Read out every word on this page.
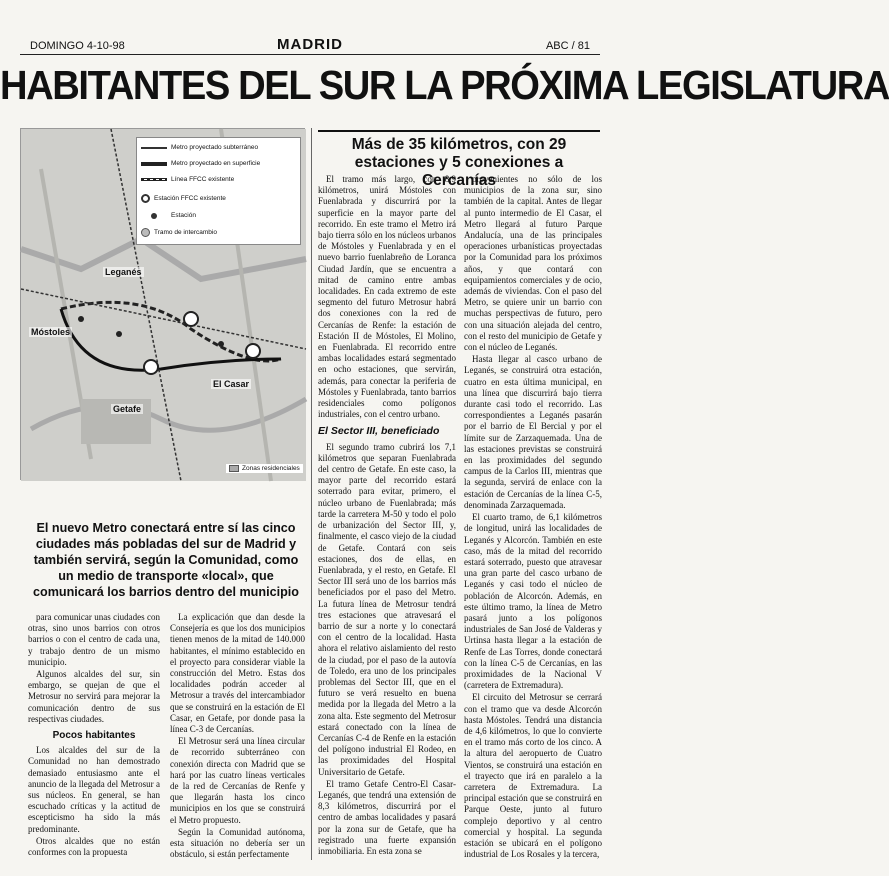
DOMINGO 4-10-98	MADRID	ABC / 81
HABITANTES DEL SUR LA PRÓXIMA LEGISLATURA
Metro proyectado subterráneo
Metro proyectado en superficie
Línea FFCC existente
Estación FFCC existente
Estación
Tramo de intercambio
Leganés
Getafe
Móstoles
El Casar
Zonas residenciales
El nuevo Metro conectará entre sí las cinco ciudades más pobladas del sur de Madrid y también servirá, según la Comunidad, como un medio de transporte «local», que comunicará los barrios dentro del municipio

para comunicar unas ciudades con otras, sino unos barrios con otros barrios o con el centro de cada una, y trabajo dentro de un mismo municipio.

Algunos alcaldes del sur, sin embargo, se quejan de que el Metrosur no servirá para mejorar la comunicación dentro de sus respectivas ciudades.

Pocos habitantes

Los alcaldes del sur de la Comunidad no han demostrado demasiado entusiasmo ante el anuncio de la llegada del Metrosur a sus núcleos. En general, se han escuchado críticas y la actitud de escepticismo ha sido la más predominante.

Otros alcaldes que no están conformes con la propuesta

La explicación que dan desde la Consejería es que los dos municipios tienen menos de la mitad de 140.000 habitantes, el mínimo establecido en el proyecto para considerar viable la construcción del Metro. Estas dos localidades podrán acceder al Metrosur a través del intercambiador que se construirá en la estación de El Casar, en Getafe, por donde pasa la línea C-3 de Cercanías.

El Metrosur será una línea circular de recorrido subterráneo con conexión directa con Madrid que se hará por las cuatro líneas verticales de la red de Cercanías de Renfe y que llegarán hasta los cinco municipios en los que se construirá el Metro propuesto.

Según la Comunidad autónoma, esta situación no debería ser un obstáculo, si están perfectamente

Más de 35 kilómetros, con 29 estaciones y 5 conexiones a Cercanías

El tramo más largo, con 8,9 kilómetros, unirá Móstoles con Fuenlabrada y discurrirá por la superficie en la mayor parte del recorrido. En este tramo el Metro irá bajo tierra sólo en los núcleos urbanos de Móstoles y Fuenlabrada y en el nuevo barrio fuenlabreño de Loranca Ciudad Jardín, que se encuentra a mitad de camino entre ambas localidades. En cada extremo de este segmento del futuro Metrosur habrá dos conexiones con la red de Cercanías de Renfe: la estación de Estación II de Móstoles, El Molino, en Fuenlabrada. El recorrido entre ambas localidades estará segmentado en ocho estaciones, que servirán, además, para conectar la periferia de Móstoles y Fuenlabrada, tanto barrios residenciales como polígonos industriales, con el centro urbano.

El Sector III, beneficiado

El segundo tramo cubrirá los 7,1 kilómetros que separan Fuenlabrada del centro de Getafe. En este caso, la mayor parte del recorrido estará soterrado para evitar, primero, el núcleo urbano de Fuenlabrada; más tarde la carretera M-50 y todo el polo de urbanización del Sector III, y, finalmente, el casco viejo de la ciudad de Getafe. Contará con seis estaciones, dos de ellas, en Fuenlabrada, y el resto, en Getafe. El Sector III será uno de los barrios más beneficiados por el paso del Metro. La futura línea de Metrosur tendrá tres estaciones que atravesará el barrio de sur a norte y lo conectará con el centro de la localidad. Hasta ahora el relativo aislamiento del resto de la ciudad, por el paso de la autovía de Toledo, era uno de los principales problemas del Sector III, que en el futuro se verá resuelto en buena medida por la llegada del Metro a la zona alta. Este segmento del Metrosur estará conectado con la línea de Cercanías C-4 de Renfe en la estación del polígono industrial El Rodeo, en las proximidades del Hospital Universitario de Getafe.

El tramo Getafe Centro-El Casar-Leganés, que tendrá una extensión de 8,3 kilómetros, discurrirá por el centro de ambas localidades y pasará por la zona sur de Getafe, que ha registrado una fuerte expansión inmobiliaria. En esta zona se

provenientes no sólo de los municipios de la zona sur, sino también de la capital. Antes de llegar al punto intermedio de El Casar, el Metro llegará al futuro Parque Andalucía, una de las principales operaciones urbanísticas proyectadas por la Comunidad para los próximos años, y que contará con equipamientos comerciales y de ocio, además de viviendas. Con el paso del Metro, se quiere unir un barrio con muchas perspectivas de futuro, pero con una situación alejada del centro, con el resto del municipio de Getafe y con el núcleo de Leganés.

Hasta llegar al casco urbano de Leganés, se construirá otra estación, cuatro en esta última municipal, en una línea que discurrirá bajo tierra durante casi todo el recorrido. Las correspondientes a Leganés pasarán por el barrio de El Bercial y por el límite sur de Zarzaquemada. Una de las estaciones previstas se construirá en las proximidades del segundo campus de la Carlos III, mientras que la segunda, servirá de enlace con la estación de Cercanías de la línea C-5, denominada Zarzaquemada.

El cuarto tramo, de 6,1 kilómetros de longitud, unirá las localidades de Leganés y Alcorcón. También en este caso, más de la mitad del recorrido estará soterrado, puesto que atravesar una gran parte del casco urbano de Leganés y casi todo el núcleo de población de Alcorcón. Además, en este último tramo, la línea de Metro pasará junto a los polígonos industriales de San José de Valderas y Urtinsa hasta llegar a la estación de Renfe de Las Torres, donde conectará con la línea C-5 de Cercanías, en las proximidades de la Nacional V (carretera de Extremadura).

El circuito del Metrosur se cerrará con el tramo que va desde Alcorcón hasta Móstoles. Tendrá una distancia de 4,6 kilómetros, lo que lo convierte en el tramo más corto de los cinco. A la altura del aeropuerto de Cuatro Vientos, se construirá una estación en el trayecto que irá en paralelo a la carretera de Extremadura. La principal estación que se construirá en Parque Oeste, junto al futuro complejo deportivo y al centro comercial y hospital. La segunda estación se ubicará en el polígono industrial de Los Rosales y la tercera,
